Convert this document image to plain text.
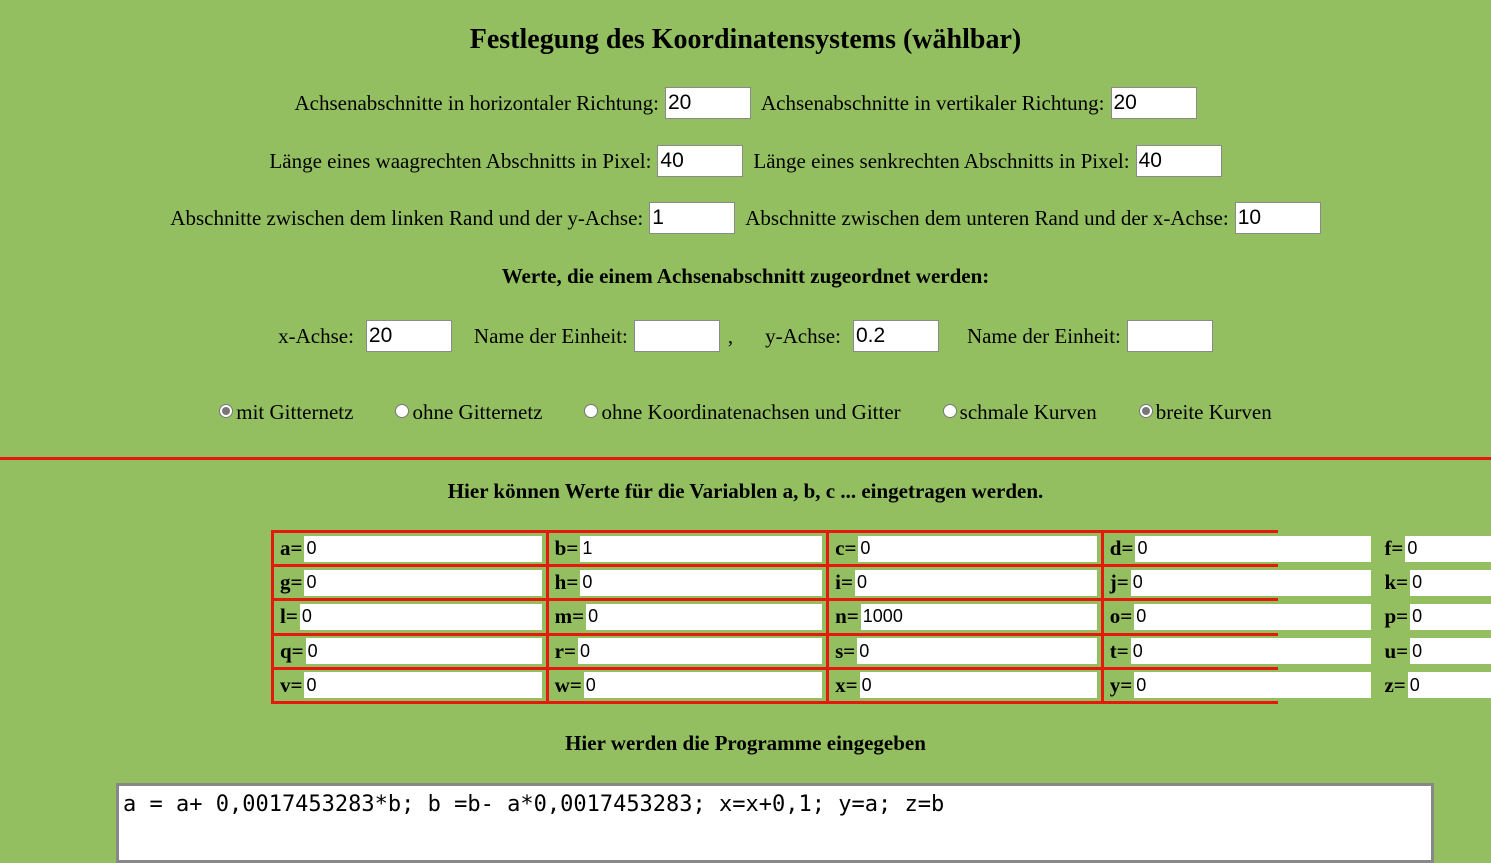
Festlegung des Koordinatensystems (wählbar)
Achsenabschnitte in horizontaler Richtung:
20	Achsenabschnitte in vertikaler Richtung:
20
Länge eines waagrechten Abschnitts in Pixel:
40	Länge eines senkrechten Abschnitts in Pixel:
40
Abschnitte zwischen dem linken Rand und der y-Achse:
1	Abschnitte zwischen dem unteren Rand und der x-Achse:
10
Werte, die einem Achsenabschnitt zugeordnet werden:
x-Achse:
20	Name der Einheit:	, y-Achse:
0.2	Name der Einheit:
mit Gitternetz	ohne Gitternetz	ohne Koordinatenachsen und Gitter	schmale Kurven	breite Kurven
Hier können Werte für die Variablen a, b, c ... eingetragen werden.
a=
0	b=
1	c=
0	d=
0	f=
0
g=
0	h=
0	i=
0	j=
0	k=
0
l=
0	m=
0	n=
1000	o=
0	p=
0
q=
0	r=
0	s=
0	t=
0	u=
0
v=
0	w=
0	x=
0	y=
0	z=
0
Hier werden die Programme eingegeben
a = a+ 0,0017453283*b; b =b- a*0,0017453283; x=x+0,1; y=a; z=b
